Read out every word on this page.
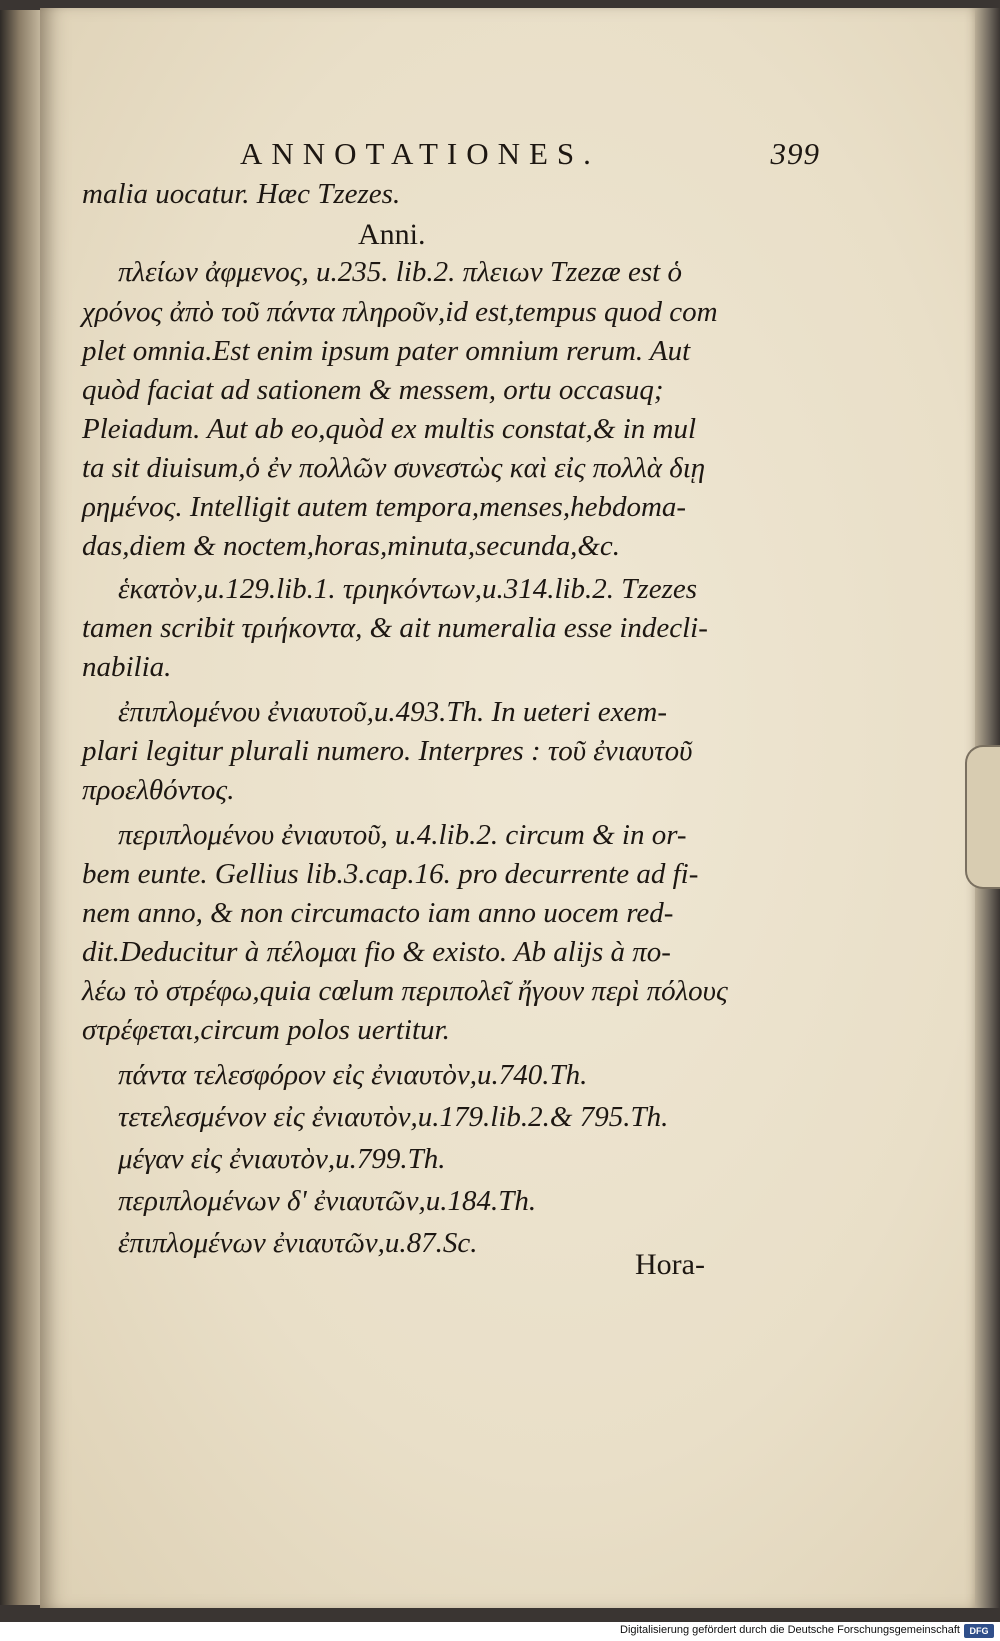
ANNOTATIONES.	399
malia uocatur. Hæc Tzezes.
Anni.
πλείων ἀφμενος, u.235. lib.2. πλειων Tzezæ est ὁ
χρόνος ἀπὸ τοῦ πάντα πληροῦν,id est,tempus quod com
plet omnia.Est enim ipsum pater omnium rerum. Aut
quòd faciat ad sationem & messem, ortu occasuq;
Pleiadum. Aut ab eo,quòd ex multis constat,& in mul
ta sit diuisum,ὁ ἐν πολλῶν συνεστὼς καὶ εἰς πολλὰ διῃ
ρημένος. Intelligit autem tempora,menses,hebdoma-
das,diem & noctem,horas,minuta,secunda,&c.
ἑκατὸν,u.129.lib.1. τριηκόντων,u.314.lib.2. Tzezes
tamen scribit τριήκοντα, & ait numeralia esse indecli-
nabilia.
ἐπιπλομένου ἐνιαυτοῦ,u.493.Th. In ueteri exem-
plari legitur plurali numero. Interpres : τοῦ ἐνιαυτοῦ
προελθόντος.
περιπλομένου ἐνιαυτοῦ, u.4.lib.2. circum & in or-
bem eunte. Gellius lib.3.cap.16. pro decurrente ad fi-
nem anno, & non circumacto iam anno uocem red-
dit.Deducitur à πέλομαι fio & existo. Ab alijs à πο-
λέω τὸ στρέφω,quia cœlum περιπολεῖ ἤγουν περὶ πόλους
στρέφεται,circum polos uertitur.
πάντα τελεσφόρον εἰς ἐνιαυτὸν,u.740.Th.
τετελεσμένον εἰς ἐνιαυτὸν,u.179.lib.2.& 795.Th.
μέγαν εἰς ἐνιαυτὸν,u.799.Th.
περιπλομένων δ' ἐνιαυτῶν,u.184.Th.
ἐπιπλομένων ἐνιαυτῶν,u.87.Sc.
Hora-
Digitalisierung gefördert durch die Deutsche Forschungsgemeinschaft	DFG
